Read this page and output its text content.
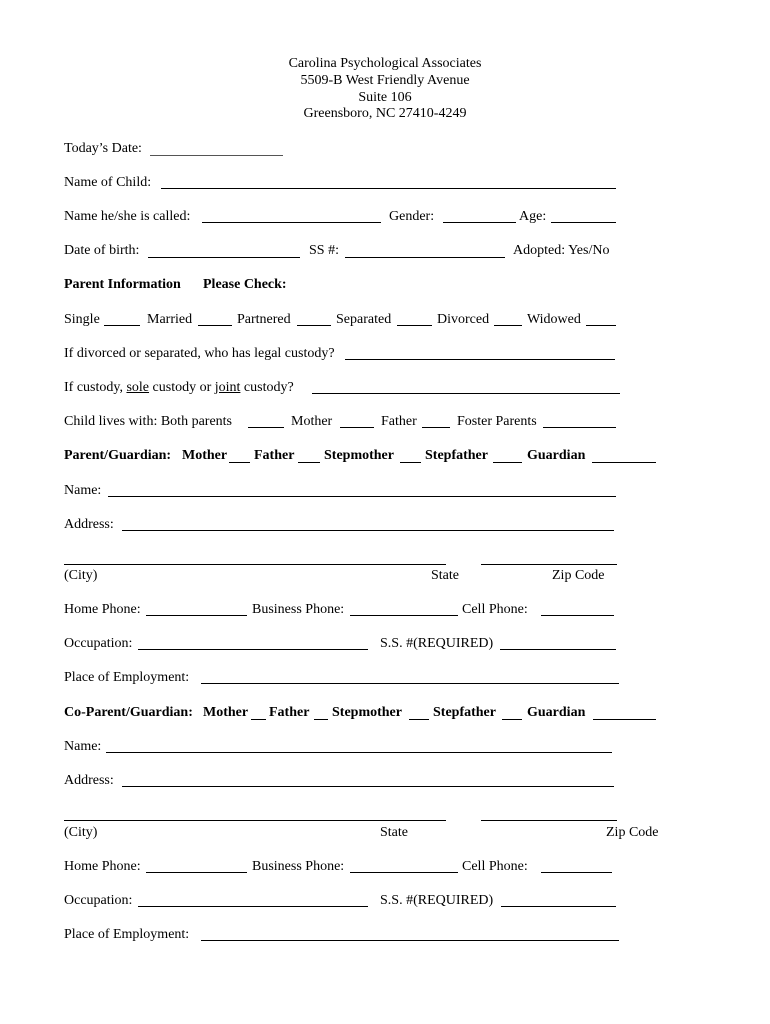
Carolina Psychological Associates
5509-B West Friendly Avenue
Suite 106
Greensboro, NC 27410-4249
Today’s Date:
Name of Child:
Name he/she is called:	Gender:	Age:
Date of birth:	SS #:	Adopted: Yes/No
Parent Information Please Check:
Single	Married	Partnered	Separated	Divorced	Widowed
If divorced or separated, who has legal custody?
If custody, sole custody or joint custody?
Child lives with: Both parents	Mother	Father	Foster Parents
Parent/Guardian: Mother Father Stepmother Stepfather	Guardian
Name:
Address:
(City)	State	Zip Code
Home Phone:	Business Phone:	Cell Phone:
Occupation:	S.S. #(REQUIRED)
Place of Employment:
Co-Parent/Guardian: Mother Father Stepmother Stepfather Guardian
Name:
Address:
(City)	State	Zip Code
Home Phone:	Business Phone:	Cell Phone:
Occupation:	S.S. #(REQUIRED)
Place of Employment:
